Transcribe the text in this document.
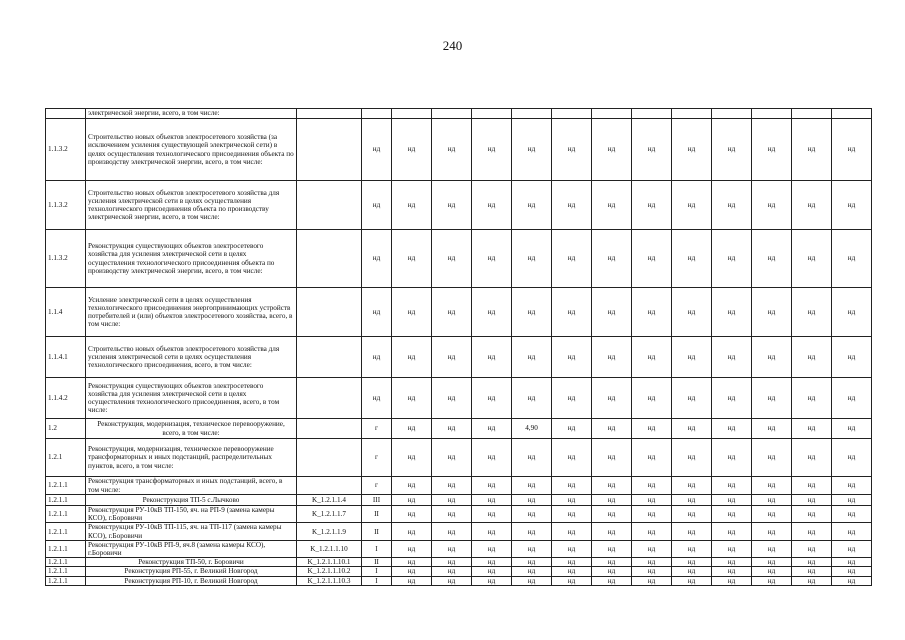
240
	электрической энергии, всего, в том числе:														
1.1.3.2	Строительство новых объектов электросетевого хозяйства (за исключением усиления существующей электрической сети) в целях осуществления технологического присоединения объекта по производству электрической энергии, всего, в том числе:		нд	нд	нд	нд	нд	нд	нд	нд	нд	нд	нд	нд	нд
1.1.3.2	Строительство новых объектов электросетевого хозяйства для усиления электрической сети в целях осуществления технологического присоединения объекта по производству электрической энергии, всего, в том числе:		нд	нд	нд	нд	нд	нд	нд	нд	нд	нд	нд	нд	нд
1.1.3.2	Реконструкция существующих объектов электросетевого хозяйства для усиления электрической сети в целях осуществления технологического присоединения объекта по производству электрической энергии, всего, в том числе:		нд	нд	нд	нд	нд	нд	нд	нд	нд	нд	нд	нд	нд
1.1.4	Усиление электрической сети в целях осуществления технологического присоединения энергопринимающих устройств потребителей и (или) объектов электросетевого хозяйства, всего, в том числе:		нд	нд	нд	нд	нд	нд	нд	нд	нд	нд	нд	нд	нд
1.1.4.1	Строительство новых объектов электросетевого хозяйства для усиления электрической сети в целях осуществления технологического присоединения, всего, в том числе:		нд	нд	нд	нд	нд	нд	нд	нд	нд	нд	нд	нд	нд
1.1.4.2	Реконструкция существующих объектов электросетевого хозяйства для усиления электрической сети в целях осуществления технологического присоединения, всего, в том числе:		нд	нд	нд	нд	нд	нд	нд	нд	нд	нд	нд	нд	нд
1.2	Реконструкция, модернизация, техническое перевооружение, всего, в том числе:		г	нд	нд	нд	4,90	нд	нд	нд	нд	нд	нд	нд	нд
1.2.1	Реконструкция, модернизация, техническое перевооружение трансформаторных и иных подстанций, распределительных пунктов, всего, в том числе:		г	нд	нд	нд	нд	нд	нд	нд	нд	нд	нд	нд	нд
1.2.1.1	Реконструкция трансформаторных и иных подстанций, всего, в том числе:		г	нд	нд	нд	нд	нд	нд	нд	нд	нд	нд	нд	нд
1.2.1.1	Реконструкция ТП-5 с.Лычково	K_1.2.1.1.4	III	нд	нд	нд	нд	нд	нд	нд	нд	нд	нд	нд	нд
1.2.1.1	Реконструкция РУ-10кВ ТП-150, яч. на РП-9 (замена камеры КСО), г.Боровичи	K_1.2.1.1.7	II	нд	нд	нд	нд	нд	нд	нд	нд	нд	нд	нд	нд
1.2.1.1	Реконструкция РУ-10кВ ТП-115, яч. на ТП-117 (замена камеры КСО), г.Боровичи	K_1.2.1.1.9	II	нд	нд	нд	нд	нд	нд	нд	нд	нд	нд	нд	нд
1.2.1.1	Реконструкция РУ-10кВ РП-9, яч.8 (замена камеры КСО), г.Боровичи	K_1.2.1.1.10	I	нд	нд	нд	нд	нд	нд	нд	нд	нд	нд	нд	нд
1.2.1.1	Реконструкция ТП-50, г. Боровичи	K_1.2.1.1.10.1	II	нд	нд	нд	нд	нд	нд	нд	нд	нд	нд	нд	нд
1.2.1.1	Реконструкция РП-55, г. Великий Новгород	K_1.2.1.1.10.2	I	нд	нд	нд	нд	нд	нд	нд	нд	нд	нд	нд	нд
1.2.1.1	Реконструкция РП-10, г. Великий Новгород	K_1.2.1.1.10.3	I	нд	нд	нд	нд	нд	нд	нд	нд	нд	нд	нд	нд
